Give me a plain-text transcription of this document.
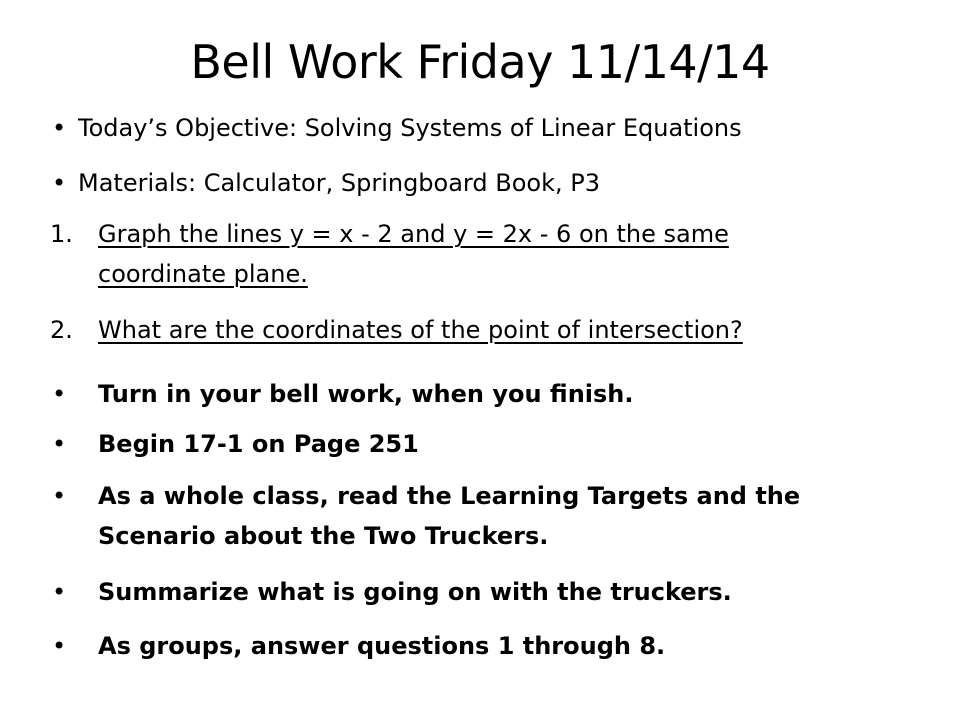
Bell Work Friday 11/14/14
• Today’s Objective: Solving Systems of Linear Equations
• Materials: Calculator, Springboard Book, P3
1. Graph the lines y = x - 2 and y = 2x - 6 on the same
coordinate plane.
2. What are the coordinates of the point of intersection?
• Turn in your bell work, when you finish.
• Begin 17-1 on Page 251
• As a whole class, read the Learning Targets and the
Scenario about the Two Truckers.
• Summarize what is going on with the truckers.
• As groups, answer questions 1 through 8.
